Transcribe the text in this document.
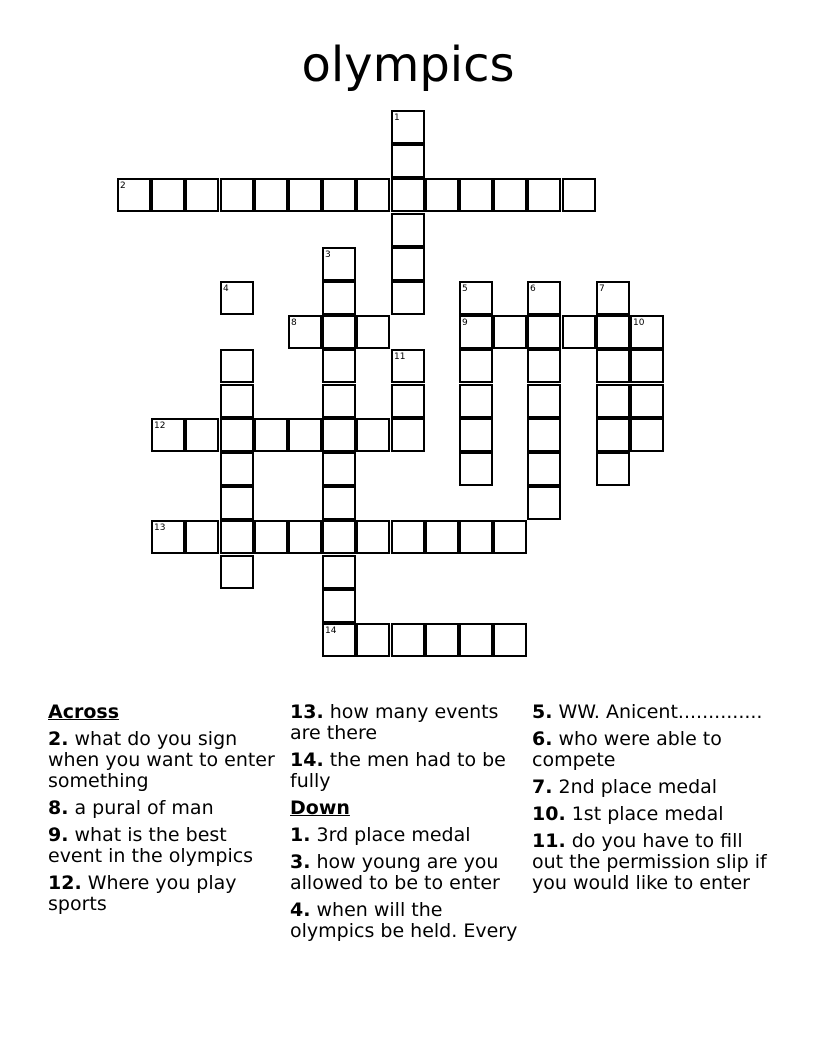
olympics
1
2
3
4	5	6	7
8	9	10
11
12
13
14
Across
2. what do you sign when you want to enter something
8. a pural of man
9. what is the best event in the olympics
12. Where you play sports
13. how many events are there
14. the men had to be fully
Down
1. 3rd place medal
3. how young are you allowed to be to enter
4. when will the olympics be held. Every
5. WW. Anicent..............
6. who were able to compete
7. 2nd place medal
10. 1st place medal
11. do you have to fill out the permission slip if you would like to enter
